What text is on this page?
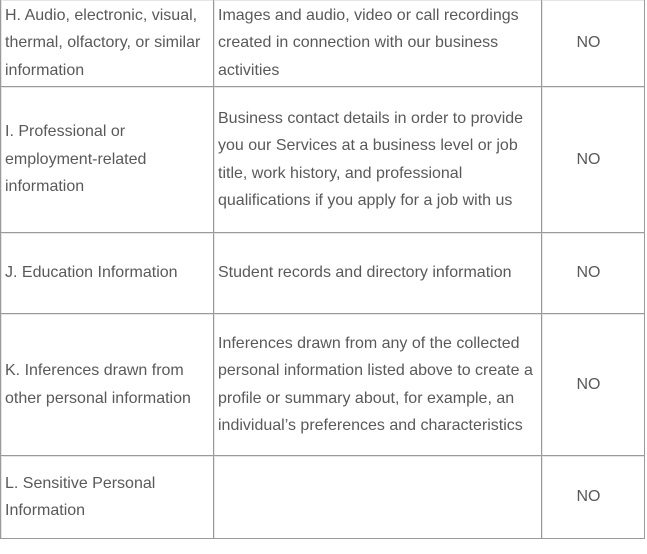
H. Audio, electronic, visual, thermal, olfactory, or similar information	Images and audio, video or call recordings created in connection with our business activities	NO
I. Professional or employment-related information	Business contact details in order to provide you our Services at a business level or job title, work history, and professional qualifications if you apply for a job with us	NO
J. Education Information	Student records and directory information	NO
K. Inferences drawn from other personal information	Inferences drawn from any of the collected personal information listed above to create a profile or summary about, for example, an individual’s preferences and characteristics	NO
L. Sensitive Personal Information		NO
